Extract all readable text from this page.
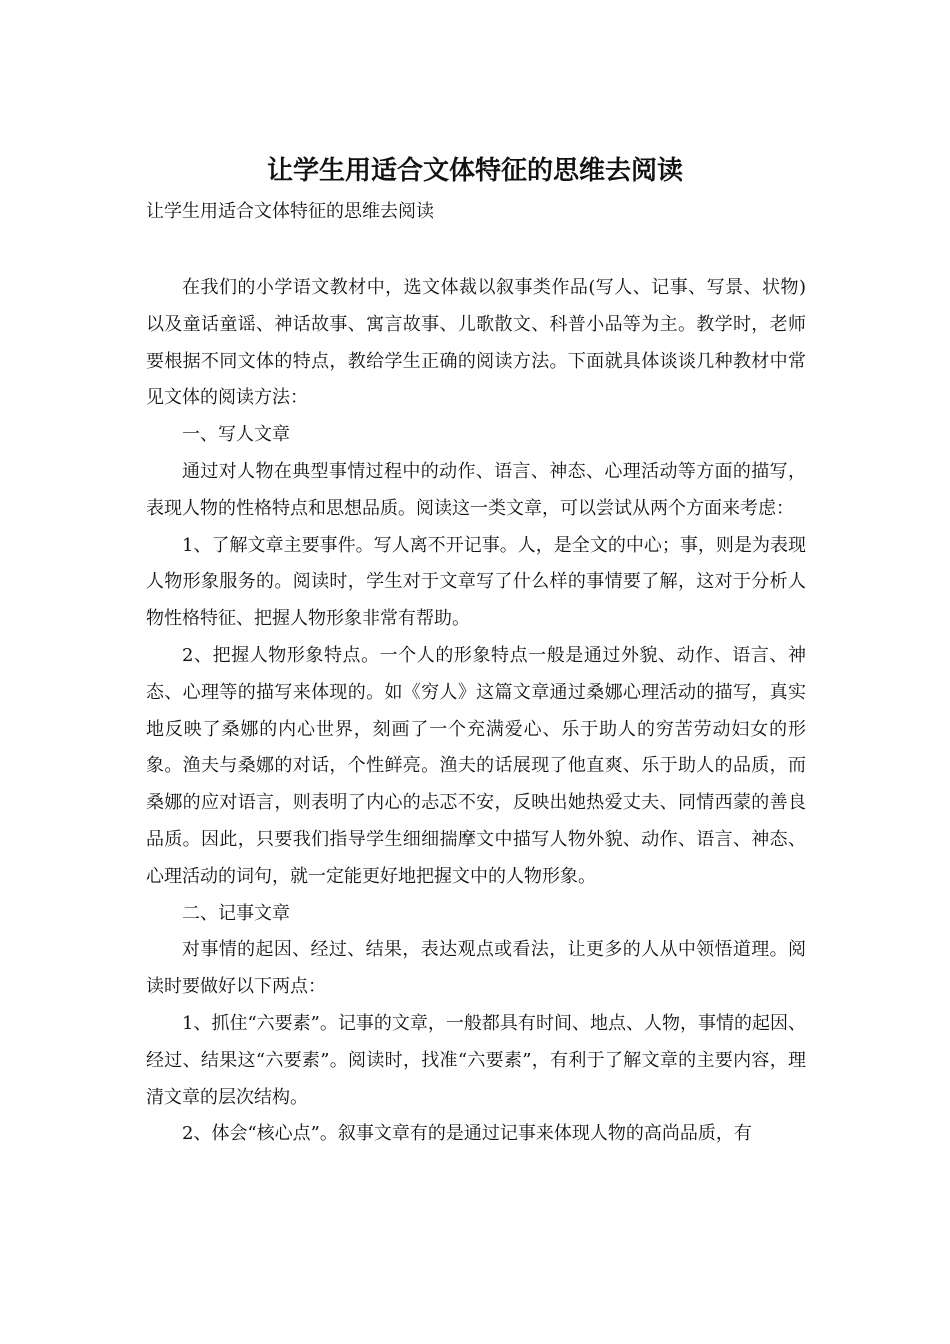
让学生用适合文体特征的思维去阅读
让学生用适合文体特征的思维去阅读

在我们的小学语文教材中，选文体裁以叙事类作品(写人、记事、写景、状物)以及童话童谣、神话故事、寓言故事、儿歌散文、科普小品等为主。教学时，老师要根据不同文体的特点，教给学生正确的阅读方法。下面就具体谈谈几种教材中常见文体的阅读方法：

一、写人文章

通过对人物在典型事情过程中的动作、语言、神态、心理活动等方面的描写，表现人物的性格特点和思想品质。阅读这一类文章，可以尝试从两个方面来考虑：

1、了解文章主要事件。写人离不开记事。人，是全文的中心；事，则是为表现人物形象服务的。阅读时，学生对于文章写了什么样的事情要了解，这对于分析人物性格特征、把握人物形象非常有帮助。

2、把握人物形象特点。一个人的形象特点一般是通过外貌、动作、语言、神态、心理等的描写来体现的。如《穷人》这篇文章通过桑娜心理活动的描写，真实地反映了桑娜的内心世界，刻画了一个充满爱心、乐于助人的穷苦劳动妇女的形象。渔夫与桑娜的对话，个性鲜亮。渔夫的话展现了他直爽、乐于助人的品质，而桑娜的应对语言，则表明了内心的忐忑不安，反映出她热爱丈夫、同情西蒙的善良品质。因此，只要我们指导学生细细揣摩文中描写人物外貌、动作、语言、神态、心理活动的词句，就一定能更好地把握文中的人物形象。

二、记事文章

对事情的起因、经过、结果，表达观点或看法，让更多的人从中领悟道理。阅读时要做好以下两点：

1、抓住“六要素”。记事的文章，一般都具有时间、地点、人物，事情的起因、经过、结果这“六要素”。阅读时，找准“六要素”，有利于了解文章的主要内容，理清文章的层次结构。

2、体会“核心点”。叙事文章有的是通过记事来体现人物的高尚品质，有
